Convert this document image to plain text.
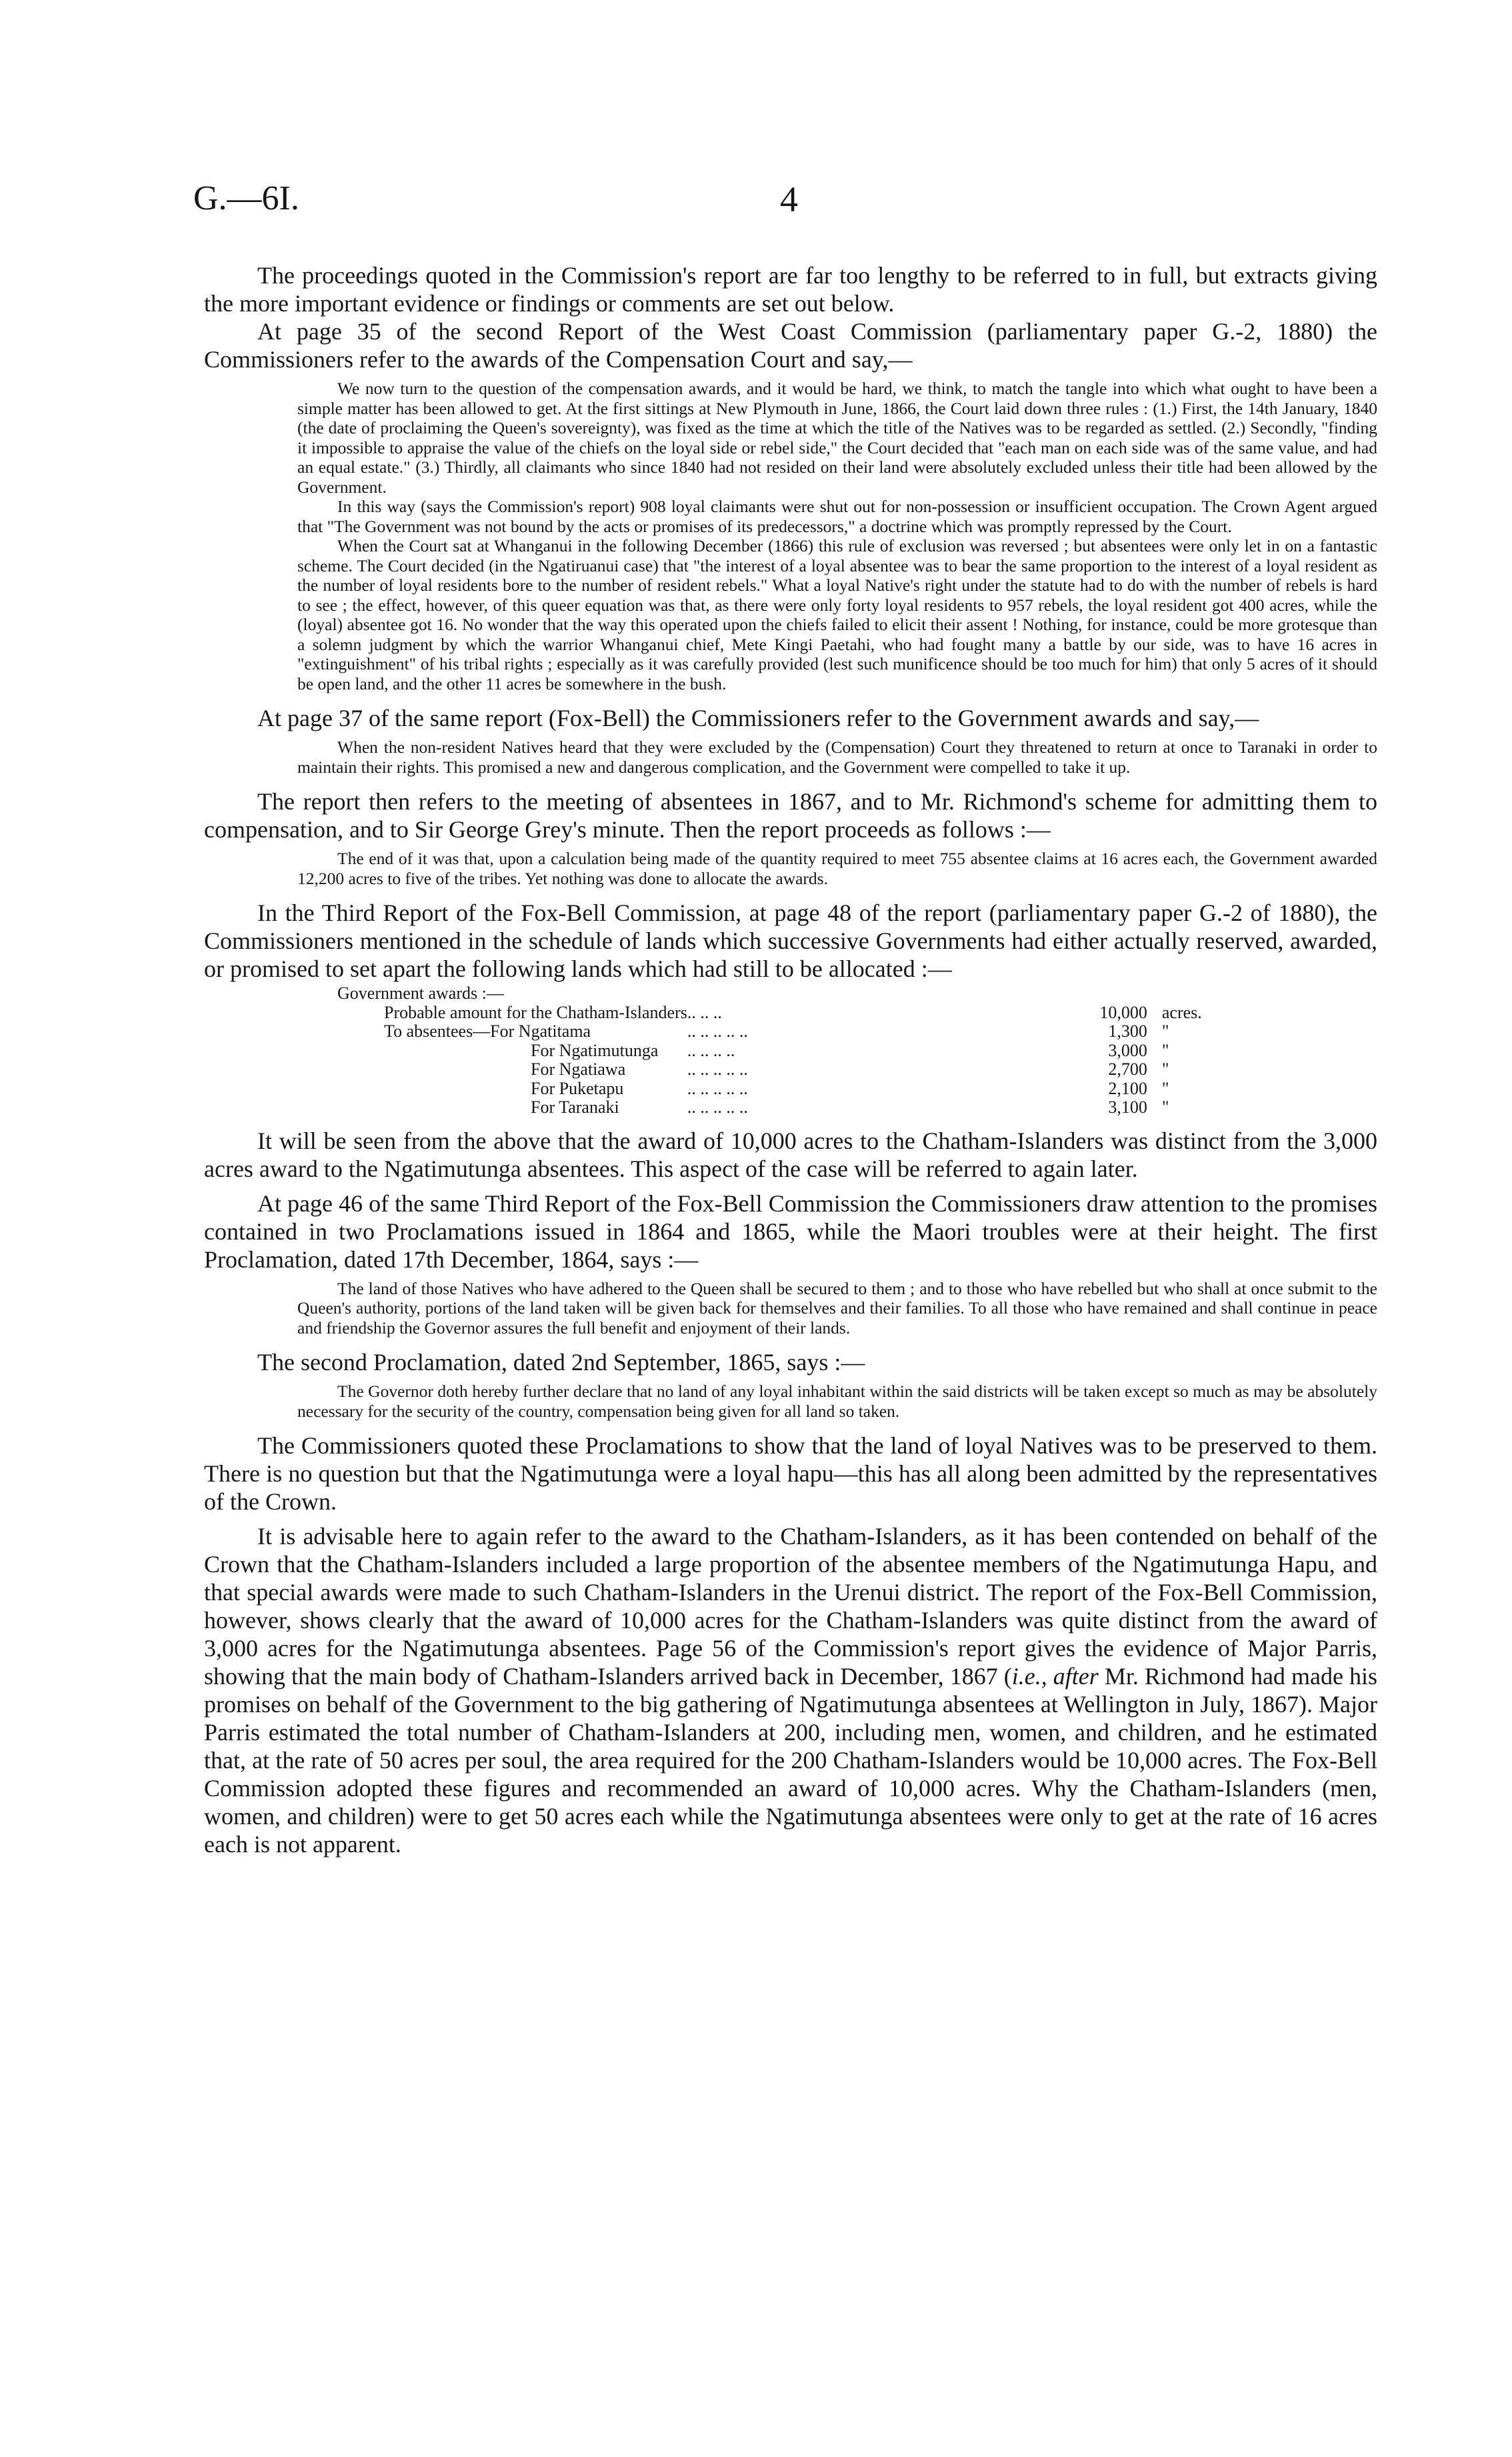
G.—6I.	4

The proceedings quoted in the Commission's report are far too lengthy to be referred to in full, but extracts giving the more important evidence or findings or comments are set out below.

At page 35 of the second Report of the West Coast Commission (parliamentary paper G.-2, 1880) the Commissioners refer to the awards of the Compensation Court and say,—

We now turn to the question of the compensation awards, and it would be hard, we think, to match the tangle into which what ought to have been a simple matter has been allowed to get. At the first sittings at New Plymouth in June, 1866, the Court laid down three rules : (1.) First, the 14th January, 1840 (the date of proclaiming the Queen's sovereignty), was fixed as the time at which the title of the Natives was to be regarded as settled. (2.) Secondly, "finding it impossible to appraise the value of the chiefs on the loyal side or rebel side," the Court decided that "each man on each side was of the same value, and had an equal estate." (3.) Thirdly, all claimants who since 1840 had not resided on their land were absolutely excluded unless their title had been allowed by the Government.

In this way (says the Commission's report) 908 loyal claimants were shut out for non-possession or insufficient occupation. The Crown Agent argued that "The Government was not bound by the acts or promises of its predecessors," a doctrine which was promptly repressed by the Court.

When the Court sat at Whanganui in the following December (1866) this rule of exclusion was reversed ; but absentees were only let in on a fantastic scheme. The Court decided (in the Ngatiruanui case) that "the interest of a loyal absentee was to bear the same proportion to the interest of a loyal resident as the number of loyal residents bore to the number of resident rebels." What a loyal Native's right under the statute had to do with the number of rebels is hard to see ; the effect, however, of this queer equation was that, as there were only forty loyal residents to 957 rebels, the loyal resident got 400 acres, while the (loyal) absentee got 16. No wonder that the way this operated upon the chiefs failed to elicit their assent ! Nothing, for instance, could be more grotesque than a solemn judgment by which the warrior Whanganui chief, Mete Kingi Paetahi, who had fought many a battle by our side, was to have 16 acres in "extinguishment" of his tribal rights ; especially as it was carefully provided (lest such munificence should be too much for him) that only 5 acres of it should be open land, and the other 11 acres be somewhere in the bush.

At page 37 of the same report (Fox-Bell) the Commissioners refer to the Government awards and say,—

When the non-resident Natives heard that they were excluded by the (Compensation) Court they threatened to return at once to Taranaki in order to maintain their rights. This promised a new and dangerous complication, and the Government were compelled to take it up.

The report then refers to the meeting of absentees in 1867, and to Mr. Richmond's scheme for admitting them to compensation, and to Sir George Grey's minute. Then the report proceeds as follows :—

The end of it was that, upon a calculation being made of the quantity required to meet 755 absentee claims at 16 acres each, the Government awarded 12,200 acres to five of the tribes. Yet nothing was done to allocate the awards.

In the Third Report of the Fox-Bell Commission, at page 48 of the report (parliamentary paper G.-2 of 1880), the Commissioners mentioned in the schedule of lands which successive Governments had either actually reserved, awarded, or promised to set apart the following lands which had still to be allocated :—

Government awards :—			
Probable amount for the Chatham-Islanders	.. .. ..	10,000	acres.
To absentees—For Ngatitama	.. .. .. .. ..	1,300	"
For Ngatimutunga	.. .. .. ..	3,000	"
For Ngatiawa	.. .. .. .. ..	2,700	"
For Puketapu	.. .. .. .. ..	2,100	"
For Taranaki	.. .. .. .. ..	3,100	"

It will be seen from the above that the award of 10,000 acres to the Chatham-Islanders was distinct from the 3,000 acres award to the Ngatimutunga absentees. This aspect of the case will be referred to again later.

At page 46 of the same Third Report of the Fox-Bell Commission the Commissioners draw attention to the promises contained in two Proclamations issued in 1864 and 1865, while the Maori troubles were at their height. The first Proclamation, dated 17th December, 1864, says :—

The land of those Natives who have adhered to the Queen shall be secured to them ; and to those who have rebelled but who shall at once submit to the Queen's authority, portions of the land taken will be given back for themselves and their families. To all those who have remained and shall continue in peace and friendship the Governor assures the full benefit and enjoyment of their lands.

The second Proclamation, dated 2nd September, 1865, says :—

The Governor doth hereby further declare that no land of any loyal inhabitant within the said districts will be taken except so much as may be absolutely necessary for the security of the country, compensation being given for all land so taken.

The Commissioners quoted these Proclamations to show that the land of loyal Natives was to be preserved to them. There is no question but that the Ngatimutunga were a loyal hapu—this has all along been admitted by the representatives of the Crown.

It is advisable here to again refer to the award to the Chatham-Islanders, as it has been contended on behalf of the Crown that the Chatham-Islanders included a large proportion of the absentee members of the Ngatimutunga Hapu, and that special awards were made to such Chatham-Islanders in the Urenui district. The report of the Fox-Bell Commission, however, shows clearly that the award of 10,000 acres for the Chatham-Islanders was quite distinct from the award of 3,000 acres for the Ngatimutunga absentees. Page 56 of the Commission's report gives the evidence of Major Parris, showing that the main body of Chatham-Islanders arrived back in December, 1867 (i.e., after Mr. Richmond had made his promises on behalf of the Government to the big gathering of Ngatimutunga absentees at Wellington in July, 1867). Major Parris estimated the total number of Chatham-Islanders at 200, including men, women, and children, and he estimated that, at the rate of 50 acres per soul, the area required for the 200 Chatham-Islanders would be 10,000 acres. The Fox-Bell Commission adopted these figures and recommended an award of 10,000 acres. Why the Chatham-Islanders (men, women, and children) were to get 50 acres each while the Ngatimutunga absentees were only to get at the rate of 16 acres each is not apparent.
